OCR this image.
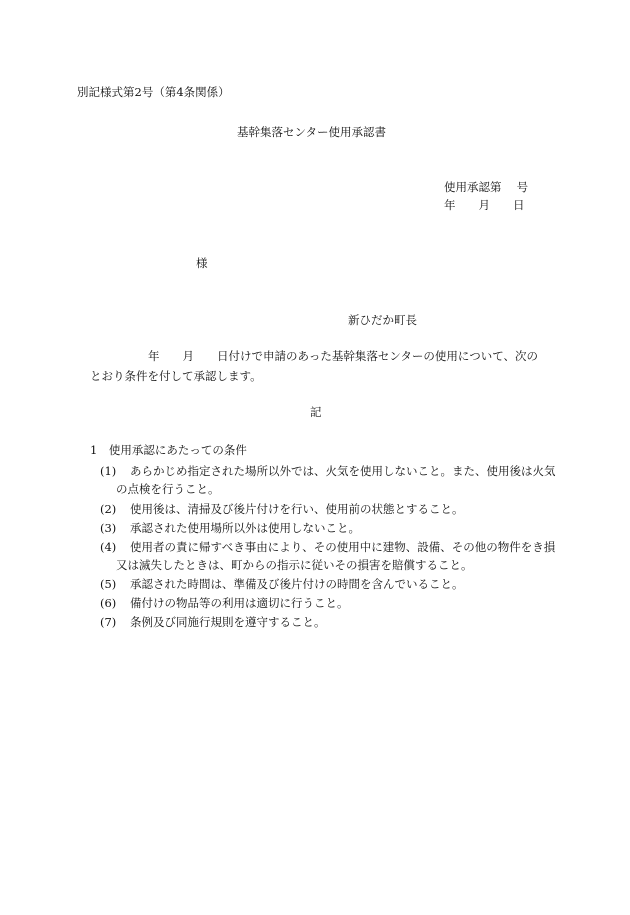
別記様式第2号（第4条関係）
基幹集落センター使用承認書
使用承認第　 号
年　　月　　日
様
新ひだか町長
年　　月　　日付けで申請のあった基幹集落センターの使用について、次の
とおり条件を付して承認します。
記
1　使用承認にあたっての条件
(1)	あらかじめ指定された場所以外では、火気を使用しないこと。また、使用後は火気の点検を行うこと。
(2)	使用後は、清掃及び後片付けを行い、使用前の状態とすること。
(3)	承認された使用場所以外は使用しないこと。
(4)	使用者の責に帰すべき事由により、その使用中に建物、設備、その他の物件をき損又は滅失したときは、町からの指示に従いその損害を賠償すること。
(5)	承認された時間は、準備及び後片付けの時間を含んでいること。
(6)	備付けの物品等の利用は適切に行うこと。
(7)	条例及び同施行規則を遵守すること。
